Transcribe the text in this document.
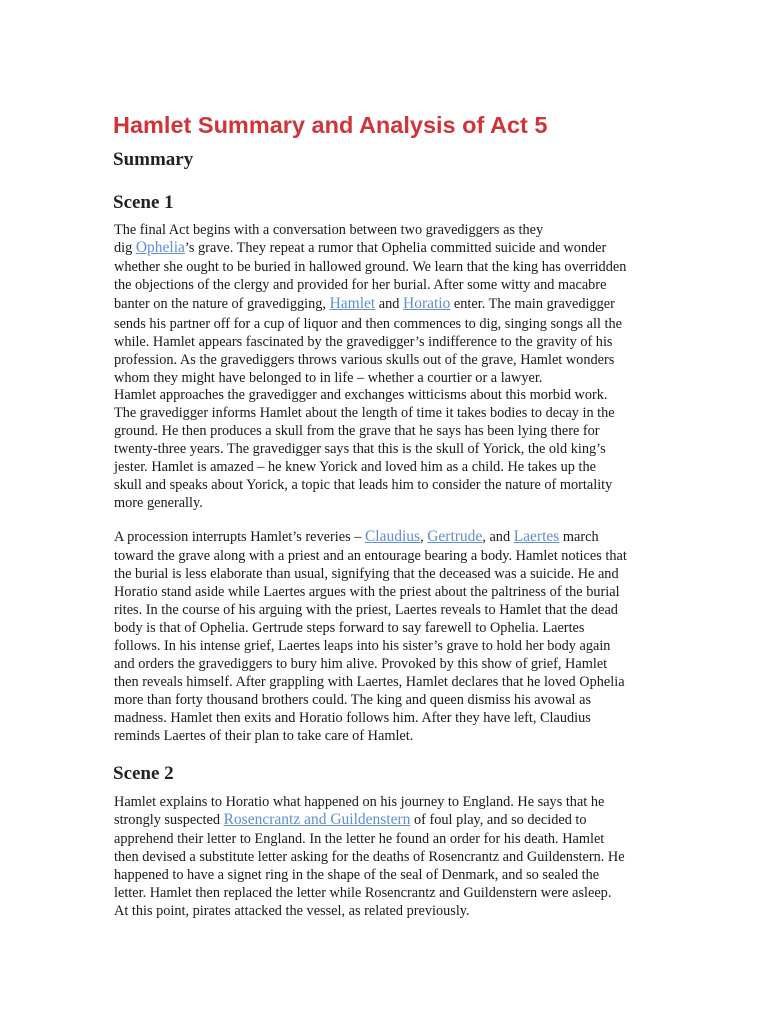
Hamlet Summary and Analysis of Act 5
Summary
Scene 1

The final Act begins with a conversation between two gravediggers as they

dig Ophelia’s grave. They repeat a rumor that Ophelia committed suicide and wonder

whether she ought to be buried in hallowed ground. We learn that the king has overridden

the objections of the clergy and provided for her burial. After some witty and macabre

banter on the nature of gravedigging, Hamlet and Horatio enter. The main gravedigger

sends his partner off for a cup of liquor and then commences to dig, singing songs all the

while. Hamlet appears fascinated by the gravedigger’s indifference to the gravity of his

profession. As the gravediggers throws various skulls out of the grave, Hamlet wonders

whom they might have belonged to in life – whether a courtier or a lawyer.

Hamlet approaches the gravedigger and exchanges witticisms about this morbid work.

The gravedigger informs Hamlet about the length of time it takes bodies to decay in the

ground. He then produces a skull from the grave that he says has been lying there for

twenty-three years. The gravedigger says that this is the skull of Yorick, the old king’s

jester. Hamlet is amazed – he knew Yorick and loved him as a child. He takes up the

skull and speaks about Yorick, a topic that leads him to consider the nature of mortality

more generally.

A procession interrupts Hamlet’s reveries – Claudius, Gertrude, and Laertes march

toward the grave along with a priest and an entourage bearing a body. Hamlet notices that

the burial is less elaborate than usual, signifying that the deceased was a suicide. He and

Horatio stand aside while Laertes argues with the priest about the paltriness of the burial

rites. In the course of his arguing with the priest, Laertes reveals to Hamlet that the dead

body is that of Ophelia. Gertrude steps forward to say farewell to Ophelia. Laertes

follows. In his intense grief, Laertes leaps into his sister’s grave to hold her body again

and orders the gravediggers to bury him alive. Provoked by this show of grief, Hamlet

then reveals himself. After grappling with Laertes, Hamlet declares that he loved Ophelia

more than forty thousand brothers could. The king and queen dismiss his avowal as

madness. Hamlet then exits and Horatio follows him. After they have left, Claudius

reminds Laertes of their plan to take care of Hamlet.

Scene 2

Hamlet explains to Horatio what happened on his journey to England. He says that he

strongly suspected Rosencrantz and Guildenstern of foul play, and so decided to

apprehend their letter to England. In the letter he found an order for his death. Hamlet

then devised a substitute letter asking for the deaths of Rosencrantz and Guildenstern. He

happened to have a signet ring in the shape of the seal of Denmark, and so sealed the

letter. Hamlet then replaced the letter while Rosencrantz and Guildenstern were asleep.

At this point, pirates attacked the vessel, as related previously.
